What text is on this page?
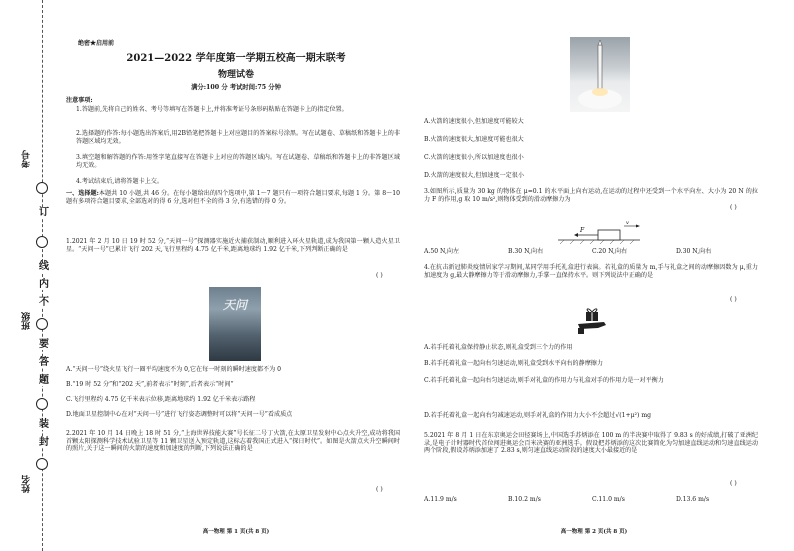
考号
班级
姓名
订
线
内
不
要
答
题
装
封
绝密★启用前
2021—2022 学年度第一学期五校高一期末联考
物理试卷
满分:100 分 考试时间:75 分钟
注意事项:
1.答题前,先将自己的姓名、考号等填写在答题卡上,并将准考证号条形码粘贴在答题卡上的指定位置。
2.选择题的作答:每小题选出答案后,用2B铅笔把答题卡上对应题目的答案标号涂黑。写在试题卷、草稿纸和答题卡上的非答题区域均无效。
3.填空题和解答题的作答:用签字笔直接写在答题卡上对应的答题区域内。写在试题卷、草稿纸和答题卡上的非答题区域均无效。
4.考试结束后,请将答题卡上交。
一、选择题:本题共 10 小题,共 46 分。在每小题给出的四个选项中,第 1～7 题只有一项符合题目要求,每题 1 分。第 8～10 题有多项符合题目要求,全部选对的得 6 分,选对但不全的得 3 分,有选错的得 0 分。
1.2021 年 2 月 10 日 19 时 52 分,“天问一号”探测器实施近火捕获制动,顺利进入环火星轨道,成为我国第一颗人造火星卫星。“天问一号”已累计飞行 202 天,飞行里程约 4.75 亿千米,距离地球约 1.92 亿千米,下列判断正确的是
( )
天问
A.“天问一号”绕火星飞行一圈平均速度不为 0,它在每一时刻的瞬时速度都不为 0
B.“19 时 52 分”和“202 天”,前者表示“时刻”,后者表示“时间”
C.飞行里程约 4.75 亿千米表示位移,距离地球约 1.92 亿千米表示路程
D.地面卫星控制中心在对“天问一号”进行飞行姿态调整时可以将“天问一号”看成质点
2.2021 年 10 月 14 日晚上 18 时 51 分,“上海世界技能大赛”号长征二号丁火箭,在太原卫星发射中心点火升空,成功将我国首颗太阳探测科学技术试验卫星等 11 颗卫星送入预定轨道,这标志着我国正式进入“探日时代”。如图是火箭点火升空瞬间时的照片,关于这一瞬间的火箭的速度和加速度的判断,下列说法正确的是
( )
高一物理 第 1 页(共 8 页)
A.火箭的速度很小,但加速度可能较大
B.火箭的速度很大,加速度可能也很大
C.火箭的速度很小,所以加速度也很小
D.火箭的速度很大,但加速度一定很小
3.如图所示,质量为 30 kg 的物体在 μ=0.1 的水平面上向右运动,在运动的过程中还受到一个水平向左、大小为 20 N 的拉力 F 的作用,g 取 10 m/s²,则物体受到的滑动摩擦力为
( )
F
v
A.50 N,向左	B.30 N,向右	C.20 N,向右	D.30 N,向右
4.在抗击新冠肺炎疫情居家学习期间,某同学用手托礼盒进行表演。若礼盒的质量为 m,手与礼盒之间的动摩擦因数为 μ,重力加速度为 g,最大静摩擦力等于滑动摩擦力,手掌一直保持水平。则下列说法中正确的是
( )
A.若手托着礼盒保持静止状态,则礼盒受到三个力的作用
B.若手托着礼盒一起向右匀速运动,则礼盒受到水平向右的静摩擦力
C.若手托着礼盒一起向右匀速运动,则手对礼盒的作用力与礼盒对手的作用力是一对平衡力
D.若手托着礼盒一起向右匀减速运动,则手对礼盒的作用力大小不会超过√(1+μ²) mg
5.2021 年 8 月 1 日在东京奥运会田径赛场上,中国选手苏炳添在 100 m 的半决赛中取得了 9.83 s 的好成绩,打破了亚洲纪录,是电子计时器时代首位闯进奥运会百米决赛的亚洲选手。假设把苏炳添的这次比赛简化为匀加速直线运动和匀速直线运动两个阶段,假设苏炳添加速了 2.83 s,则匀速直线运动阶段的速度大小最接近的是
( )
A.11.9 m/s	B.10.2 m/s	C.11.0 m/s	D.13.6 m/s
高一物理 第 2 页(共 8 页)
